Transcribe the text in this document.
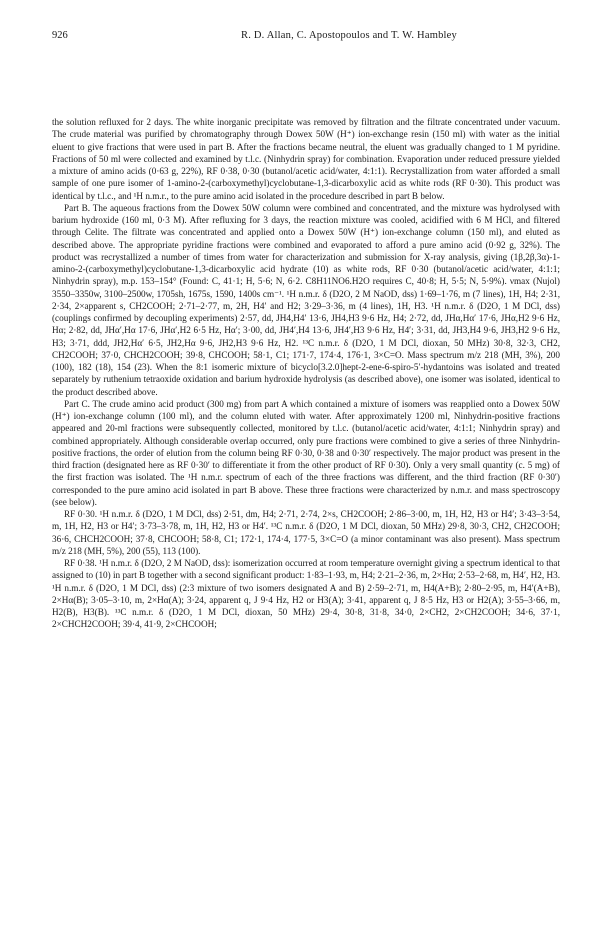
926	R. D. Allan, C. Apostopoulos and T. W. Hambley

the solution refluxed for 2 days. The white inorganic precipitate was removed by filtration and the filtrate concentrated under vacuum. The crude material was purified by chromatography through Dowex 50W (H⁺) ion-exchange resin (150 ml) with water as the initial eluent to give fractions that were used in part B. After the fractions became neutral, the eluent was gradually changed to 1 M pyridine. Fractions of 50 ml were collected and examined by t.l.c. (Ninhydrin spray) for combination. Evaporation under reduced pressure yielded a mixture of amino acids (0·63 g, 22%), RF 0·38, 0·30 (butanol/acetic acid/water, 4:1:1). Recrystallization from water afforded a small sample of one pure isomer of 1-amino-2-(carboxymethyl)cyclobutane-1,3-dicarboxylic acid as white rods (RF 0·30). This product was identical by t.l.c., and ¹H n.m.r., to the pure amino acid isolated in the procedure described in part B below.

Part B. The aqueous fractions from the Dowex 50W column were combined and concentrated, and the mixture was hydrolysed with barium hydroxide (160 ml, 0·3 M). After refluxing for 3 days, the reaction mixture was cooled, acidified with 6 M HCl, and filtered through Celite. The filtrate was concentrated and applied onto a Dowex 50W (H⁺) ion-exchange column (150 ml), and eluted as described above. The appropriate pyridine fractions were combined and evaporated to afford a pure amino acid (0·92 g, 32%). The product was recrystallized a number of times from water for characterization and submission for X-ray analysis, giving (1β,2β,3α)-1-amino-2-(carboxymethyl)cyclobutane-1,3-dicarboxylic acid hydrate (10) as white rods, RF 0·30 (butanol/acetic acid/water, 4:1:1; Ninhydrin spray), m.p. 153–154° (Found: C, 41·1; H, 5·6; N, 6·2. C8H11NO6.H2O requires C, 40·8; H, 5·5; N, 5·9%). νmax (Nujol) 3550–3350w, 3100–2500w, 1705sh, 1675s, 1590, 1400s cm⁻¹. ¹H n.m.r. δ (D2O, 2 M NaOD, dss) 1·69–1·76, m (7 lines), 1H, H4; 2·31, 2·34, 2×apparent s, CH2COOH; 2·71–2·77, m, 2H, H4′ and H2; 3·29–3·36, m (4 lines), 1H, H3. ¹H n.m.r. δ (D2O, 1 M DCl, dss) (couplings confirmed by decoupling experiments) 2·57, dd, JH4,H4′ 13·6, JH4,H3 9·6 Hz, H4; 2·72, dd, JHα,Hα′ 17·6, JHα,H2 9·6 Hz, Hα; 2·82, dd, JHα′,Hα 17·6, JHα′,H2 6·5 Hz, Hα′; 3·00, dd, JH4′,H4 13·6, JH4′,H3 9·6 Hz, H4′; 3·31, dd, JH3,H4 9·6, JH3,H2 9·6 Hz, H3; 3·71, ddd, JH2,Hα′ 6·5, JH2,Hα 9·6, JH2,H3 9·6 Hz, H2. ¹³C n.m.r. δ (D2O, 1 M DCl, dioxan, 50 MHz) 30·8, 32·3, CH2, CH2COOH; 37·0, CHCH2COOH; 39·8, CHCOOH; 58·1, C1; 171·7, 174·4, 176·1, 3×C=O. Mass spectrum m/z 218 (MH, 3%), 200 (100), 182 (18), 154 (23). When the 8:1 isomeric mixture of bicyclo[3.2.0]hept-2-ene-6-spiro-5′-hydantoins was isolated and treated separately by ruthenium tetraoxide oxidation and barium hydroxide hydrolysis (as described above), one isomer was isolated, identical to the product described above.

Part C. The crude amino acid product (300 mg) from part A which contained a mixture of isomers was reapplied onto a Dowex 50W (H⁺) ion-exchange column (100 ml), and the column eluted with water. After approximately 1200 ml, Ninhydrin-positive fractions appeared and 20-ml fractions were subsequently collected, monitored by t.l.c. (butanol/acetic acid/water, 4:1:1; Ninhydrin spray) and combined appropriately. Although considerable overlap occurred, only pure fractions were combined to give a series of three Ninhydrin-positive fractions, the order of elution from the column being RF 0·30, 0·38 and 0·30′ respectively. The major product was present in the third fraction (designated here as RF 0·30′ to differentiate it from the other product of RF 0·30). Only a very small quantity (c. 5 mg) of the first fraction was isolated. The ¹H n.m.r. spectrum of each of the three fractions was different, and the third fraction (RF 0·30′) corresponded to the pure amino acid isolated in part B above. These three fractions were characterized by n.m.r. and mass spectroscopy (see below).

RF 0·30. ¹H n.m.r. δ (D2O, 1 M DCl, dss) 2·51, dm, H4; 2·71, 2·74, 2×s, CH2COOH; 2·86–3·00, m, 1H, H2, H3 or H4′; 3·43–3·54, m, 1H, H2, H3 or H4′; 3·73–3·78, m, 1H, H2, H3 or H4′. ¹³C n.m.r. δ (D2O, 1 M DCl, dioxan, 50 MHz) 29·8, 30·3, CH2, CH2COOH; 36·6, CHCH2COOH; 37·8, CHCOOH; 58·8, C1; 172·1, 174·4, 177·5, 3×C=O (a minor contaminant was also present). Mass spectrum m/z 218 (MH, 5%), 200 (55), 113 (100).

RF 0·38. ¹H n.m.r. δ (D2O, 2 M NaOD, dss): isomerization occurred at room temperature overnight giving a spectrum identical to that assigned to (10) in part B together with a second significant product: 1·83–1·93, m, H4; 2·21–2·36, m, 2×Hα; 2·53–2·68, m, H4′, H2, H3. ¹H n.m.r. δ (D2O, 1 M DCl, dss) (2:3 mixture of two isomers designated A and B) 2·59–2·71, m, H4(A+B); 2·80–2·95, m, H4′(A+B), 2×Hα(B); 3·05–3·10, m, 2×Hα(A); 3·24, apparent q, J 9·4 Hz, H2 or H3(A); 3·41, apparent q, J 8·5 Hz, H3 or H2(A); 3·55–3·66, m, H2(B), H3(B). ¹³C n.m.r. δ (D2O, 1 M DCl, dioxan, 50 MHz) 29·4, 30·8, 31·8, 34·0, 2×CH2, 2×CH2COOH; 34·6, 37·1, 2×CHCH2COOH; 39·4, 41·9, 2×CHCOOH;
